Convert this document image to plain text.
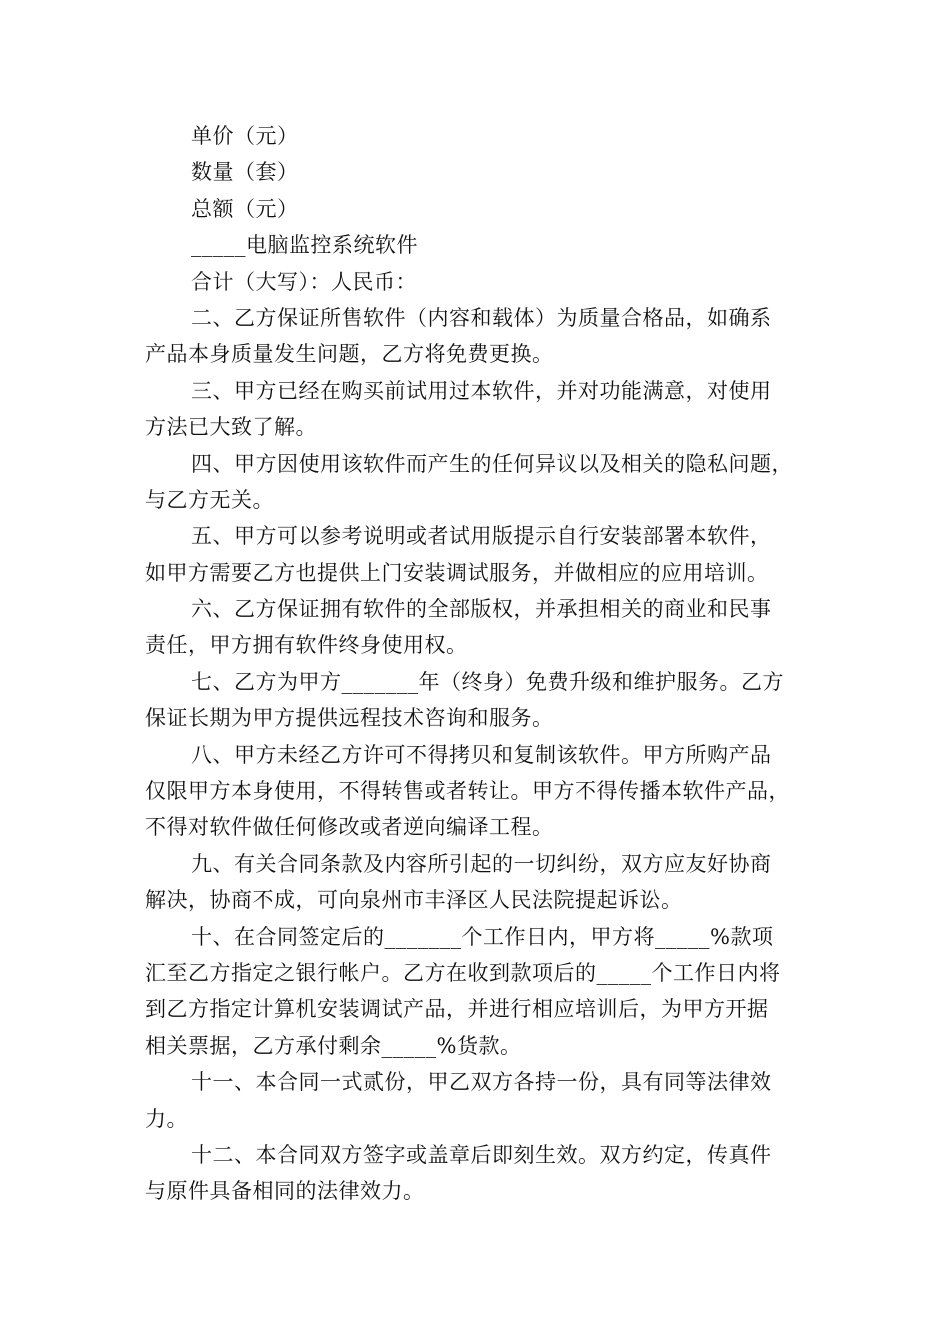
单价（元）
数量（套）
总额（元）
_____电脑监控系统软件
合计（大写）：人民币：
二、乙方保证所售软件（内容和载体）为质量合格品，如确系
产品本身质量发生问题，乙方将免费更换。
三、甲方已经在购买前试用过本软件，并对功能满意，对使用
方法已大致了解。
四、甲方因使用该软件而产生的任何异议以及相关的隐私问题，
与乙方无关。
五、甲方可以参考说明或者试用版提示自行安装部署本软件，
如甲方需要乙方也提供上门安装调试服务，并做相应的应用培训。
六、乙方保证拥有软件的全部版权，并承担相关的商业和民事
责任，甲方拥有软件终身使用权。
七、乙方为甲方_______年（终身）免费升级和维护服务。乙方
保证长期为甲方提供远程技术咨询和服务。
八、甲方未经乙方许可不得拷贝和复制该软件。甲方所购产品
仅限甲方本身使用，不得转售或者转让。甲方不得传播本软件产品，
不得对软件做任何修改或者逆向编译工程。
九、有关合同条款及内容所引起的一切纠纷，双方应友好协商
解决，协商不成，可向泉州市丰泽区人民法院提起诉讼。
十、在合同签定后的_______个工作日内，甲方将_____%款项
汇至乙方指定之银行帐户。乙方在收到款项后的_____个工作日内将
到乙方指定计算机安装调试产品，并进行相应培训后，为甲方开据
相关票据，乙方承付剩余_____%货款。
十一、本合同一式贰份，甲乙双方各持一份，具有同等法律效
力。
十二、本合同双方签字或盖章后即刻生效。双方约定，传真件
与原件具备相同的法律效力。
